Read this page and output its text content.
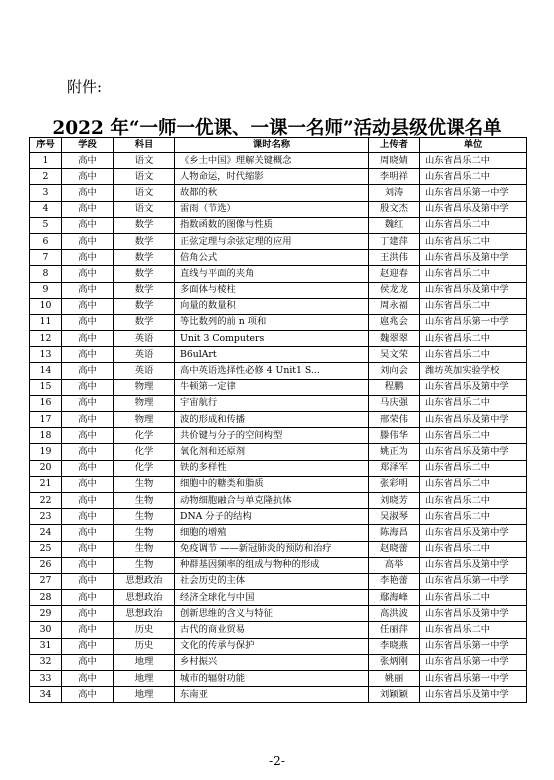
附件:
2022 年“一师一优课、一课一名师”活动县级优课名单
序号	学段	科目	课时名称	上传者	单位
1	高中	语文	《乡土中国》理解关键概念	周晓婧	山东省昌乐二中
2	高中	语文	人物命运，时代缩影	李明祥	山东省昌乐二中
3	高中	语文	故都的秋	刘涛	山东省昌乐第一中学
4	高中	语文	雷雨（节选）	殷文杰	山东省昌乐及第中学
5	高中	数学	指数函数的图像与性质	魏红	山东省昌乐二中
6	高中	数学	正弦定理与余弦定理的应用	丁建萍	山东省昌乐二中
7	高中	数学	倍角公式	王洪伟	山东省昌乐及第中学
8	高中	数学	直线与平面的夹角	赵迎春	山东省昌乐二中
9	高中	数学	多面体与棱柱	侯龙龙	山东省昌乐及第中学
10	高中	数学	向量的数量积	周永福	山东省昌乐二中
11	高中	数学	等比数列的前 n 项和	扈兆会	山东省昌乐第一中学
12	高中	英语	Unit 3 Computers	魏翠翠	山东省昌乐二中
13	高中	英语	B6ulArt	吴文荣	山东省昌乐二中
14	高中	英语	高中英语选择性必修 4 Unit1 S...	刘向会	潍坊英加实验学校
15	高中	物理	牛顿第一定律	程鹏	山东省昌乐及第中学
16	高中	物理	宇宙航行	马庆强	山东省昌乐二中
17	高中	物理	波的形成和传播	邢荣伟	山东省昌乐及第中学
18	高中	化学	共价键与分子的空间构型	滕伟华	山东省昌乐二中
19	高中	化学	氧化剂和还原剂	姚正为	山东省昌乐及第中学
20	高中	化学	铁的多样性	郑泽军	山东省昌乐二中
21	高中	生物	细胞中的糖类和脂质	张彩明	山东省昌乐二中
22	高中	生物	动物细胞融合与单克隆抗体	刘晓芳	山东省昌乐二中
23	高中	生物	DNA 分子的结构	吴淑琴	山东省昌乐二中
24	高中	生物	细胞的增殖	陈海昌	山东省昌乐及第中学
25	高中	生物	免疫调节 ——新冠肺炎的预防和治疗	赵晓蕾	山东省昌乐二中
26	高中	生物	种群基因频率的组成与物种的形成	高举	山东省昌乐及第中学
27	高中	思想政治	社会历史的主体	李艳蕾	山东省昌乐第一中学
28	高中	思想政治	经济全球化与中国	鄢海峰	山东省昌乐二中
29	高中	思想政治	创新思维的含义与特征	高洪波	山东省昌乐及第中学
30	高中	历史	古代的商业贸易	任丽萍	山东省昌乐二中
31	高中	历史	文化的传承与保护	李晓燕	山东省昌乐第一中学
32	高中	地理	乡村振兴	张炳刚	山东省昌乐第一中学
33	高中	地理	城市的辐射功能	姚丽	山东省昌乐第一中学
34	高中	地理	东南亚	刘颖颖	山东省昌乐及第中学
-2-
